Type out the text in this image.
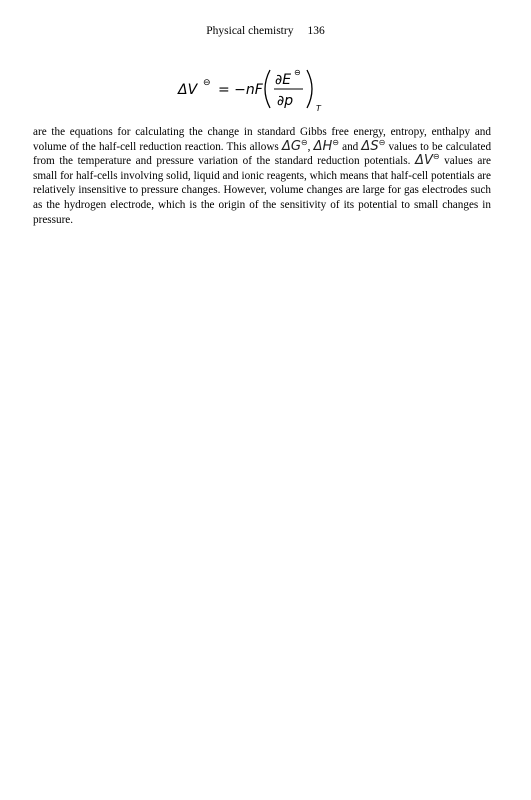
Physical chemistry 136
ΔV ⊖ = −nF
∂E ⊖
∂p	T
are the equations for calculating the change in standard Gibbs free energy, entropy, enthalpy and volume of the half-cell reduction reaction. This allows ΔG⊖, ΔH⊖ and ΔS⊖ values to be calculated from the temperature and pressure variation of the standard reduction potentials. ΔV⊖ values are small for half-cells involving solid, liquid and ionic reagents, which means that half-cell potentials are relatively insensitive to pressure changes. However, volume changes are large for gas electrodes such as the hydrogen electrode, which is the origin of the sensitivity of its potential to small changes in pressure.
